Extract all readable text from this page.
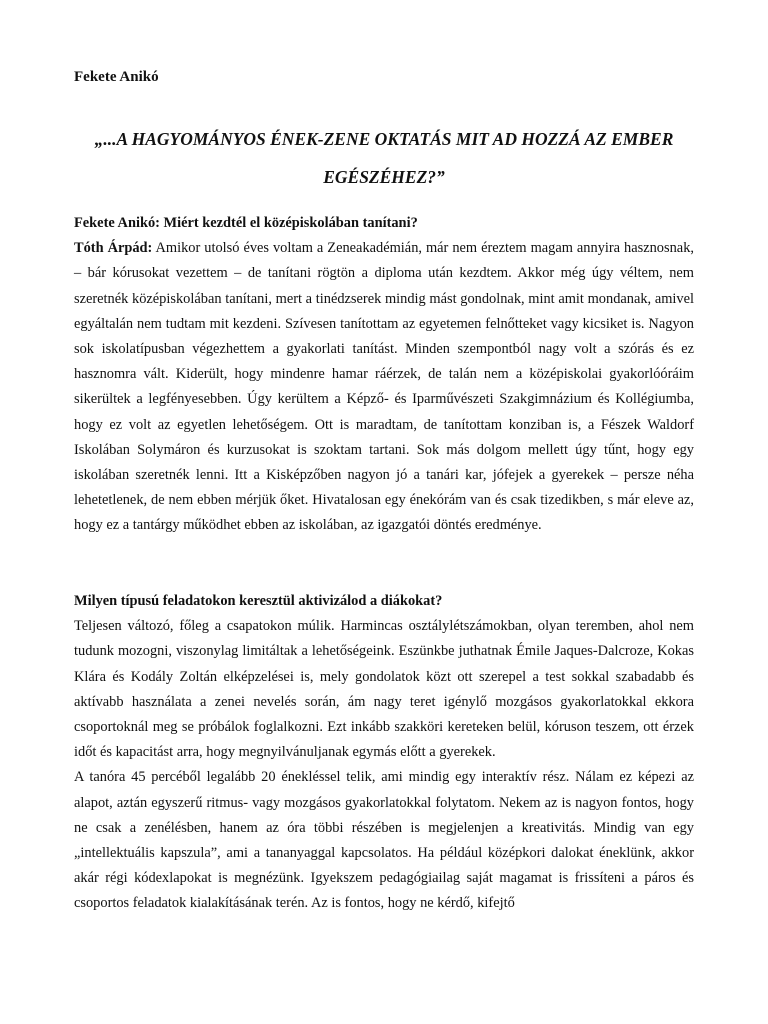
Fekete Anikó
„...A HAGYOMÁNYOS ÉNEK-ZENE OKTATÁS MIT AD HOZZÁ AZ EMBER EGÉSZÉHEZ?”
Fekete Anikó: Miért kezdtél el középiskolában tanítani?

Tóth Árpád: Amikor utolsó éves voltam a Zeneakadémián, már nem éreztem magam annyira hasznosnak, – bár kórusokat vezettem – de tanítani rögtön a diploma után kezdtem. Akkor még úgy véltem, nem szeretnék középiskolában tanítani, mert a tinédzserek mindig mást gondolnak, mint amit mondanak, amivel egyáltalán nem tudtam mit kezdeni. Szívesen tanítottam az egyetemen felnőtteket vagy kicsiket is. Nagyon sok iskolatípusban végezhettem a gyakorlati tanítást. Minden szempontból nagy volt a szórás és ez hasznomra vált. Kiderült, hogy mindenre hamar ráérzek, de talán nem a középiskolai gyakorlóóráim sikerültek a legfényesebben. Úgy kerültem a Képző- és Iparművészeti Szakgimnázium és Kollégiumba, hogy ez volt az egyetlen lehetőségem. Ott is maradtam, de tanítottam konziban is, a Fészek Waldorf Iskolában Solymáron és kurzusokat is szoktam tartani. Sok más dolgom mellett úgy tűnt, hogy egy iskolában szeretnék lenni. Itt a Kisképzőben nagyon jó a tanári kar, jófejek a gyerekek – persze néha lehetetlenek, de nem ebben mérjük őket. Hivatalosan egy énekórám van és csak tizedikben, s már eleve az, hogy ez a tantárgy működhet ebben az iskolában, az igazgatói döntés eredménye.

Milyen típusú feladatokon keresztül aktivizálod a diákokat?

Teljesen változó, főleg a csapatokon múlik. Harmincas osztálylétszámokban, olyan teremben, ahol nem tudunk mozogni, viszonylag limitáltak a lehetőségeink. Eszünkbe juthatnak Émile Jaques-Dalcroze, Kokas Klára és Kodály Zoltán elképzelései is, mely gondolatok közt ott szerepel a test sokkal szabadabb és aktívabb használata a zenei nevelés során, ám nagy teret igénylő mozgásos gyakorlatokkal ekkora csoportoknál meg se próbálok foglalkozni. Ezt inkább szakköri kereteken belül, kóruson teszem, ott érzek időt és kapacitást arra, hogy megnyilvánuljanak egymás előtt a gyerekek.

A tanóra 45 percéből legalább 20 énekléssel telik, ami mindig egy interaktív rész. Nálam ez képezi az alapot, aztán egyszerű ritmus- vagy mozgásos gyakorlatokkal folytatom. Nekem az is nagyon fontos, hogy ne csak a zenélésben, hanem az óra többi részében is megjelenjen a kreativitás. Mindig van egy „intellektuális kapszula”, ami a tananyaggal kapcsolatos. Ha például középkori dalokat éneklünk, akkor akár régi kódexlapokat is megnézünk. Igyekszem pedagógiailag saját magamat is frissíteni a páros és csoportos feladatok kialakításának terén. Az is fontos, hogy ne kérdő, kifejtő
